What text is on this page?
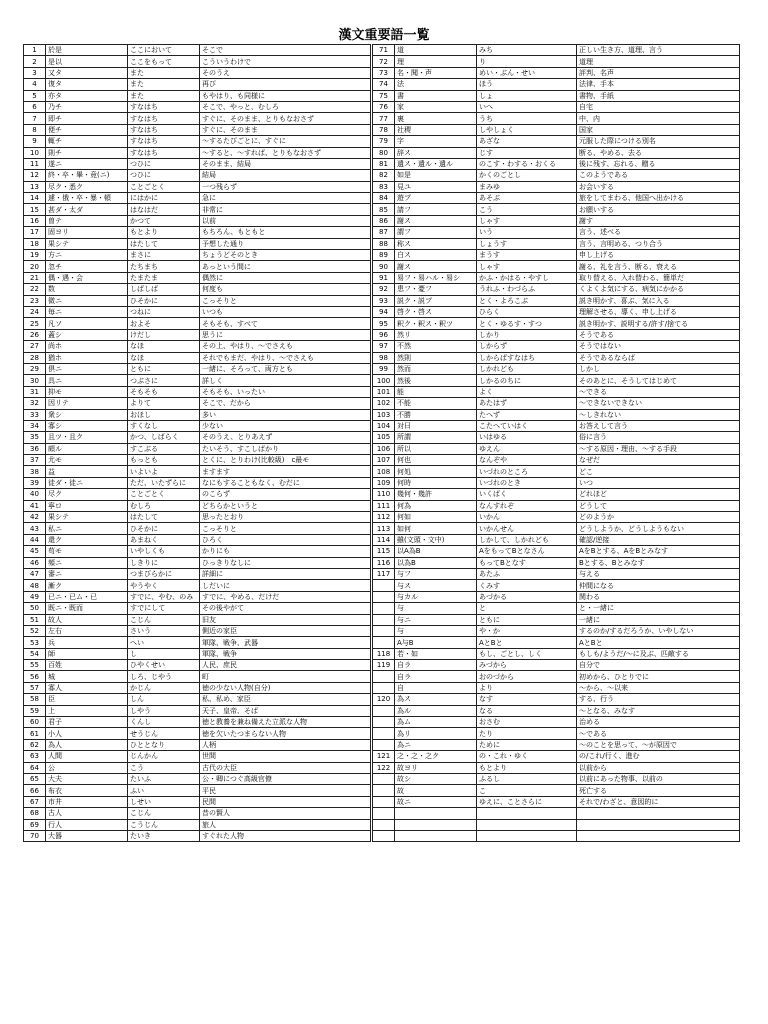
漢文重要語一覧
1	於是	ここにおいて	そこで
2	是以	ここをもって	こういうわけで
3	又タ	また	そのうえ
4	復タ	また	再び
5	亦タ	また	もやはり、も同様に
6	乃チ	すなはち	そこで、やっと、むしろ
7	即チ	すなはち	すぐに、そのまま、とりもなおさず
8	便チ	すなはち	すぐに、そのまま
9	輒チ	すなはち	～するたびごとに、すぐに
10	則チ	すなはち	～すると、～すれば、とりもなおさず
11	遂ニ	つひに	そのまま、結局
12	終・卒・畢・竟(ニ)	つひに	結局
13	尽ク・悉ク	ことごとく	一つ残らず
14	遽・俄・卒・暴・頓	にはかに	急に
15	甚ダ・太ダ	はなはだ	非常に
16	曽テ	かつて	以前
17	固ヨリ	もとより	もちろん、もともと
18	果シテ	はたして	予想した通り
19	方ニ	まさに	ちょうどそのとき
20	忽チ	たちまち	あっという間に
21	偶・遇・会	たまたま	偶然に
22	数	しばしば	何度も
23	微ニ	ひそかに	こっそりと
24	毎ニ	つねに	いつも
25	凡ソ	およそ	そもそも、すべて
26	蓋シ	けだし	思うに
27	尚ホ	なほ	その上、やはり、～でさえも
28	猶ホ	なほ	それでもまだ、やはり、～でさえも
29	倶ニ	ともに	一緒に、そろって、両方とも
30	具ニ	つぶさに	詳しく
31	抑モ	そもそも	そもそも、いったい
32	因リテ	よりて	そこで、だから
33	衆シ	おほし	多い
34	寡シ	すくなし	少ない
35	且ツ・且ク	かつ、しばらく	そのうえ、とりあえず
36	頗ル	すこぶる	たいそう、すこしばかり
37	尤モ	もっとも	とくに、とりわけ(比較級)　c最モ
38	益	いよいよ	ますます
39	徒ダ・徒ニ	ただ、いたずらに	なにもすることもなく、むだに
40	尽ク	ことごとく	のこらず
41	寧ロ	むしろ	どちらかというと
42	果シテ	はたして	思ったとおり
43	私ニ	ひそかに	こっそりと
44	還ク	あまねく	ひろく
45	苟モ	いやしくも	かりにも
46	頻ニ	しきりに	ひっきりなしに
47	審ニ	つまびらかに	詳細に
48	漸ク	やうやく	しだいに
49	已ニ・已ム・已	すでに、やむ、のみ	すでに、やめる、だけだ
50	既ニ・既而	すでにして	その後やがて
51	故人	こじん	旧友
52	左右	さいう	側近の家臣
53	兵	へい	軍隊、戦争、武器
54	師	し	軍隊、戦争
55	百姓	ひやくせい	人民、庶民
56	城	しろ、じやう	町
57	寡人	かじん	徳の少ない人物(自分)
58	臣	しん	私、私め、家臣
59	上	しやう	天子、皇帝、そば
60	君子	くんし	徳と教養を兼ね備えた立派な人物
61	小人	せうじん	徳を欠いたつまらない人物
62	為人	ひととなり	人柄
63	人間	じんかん	世間
64	公	こう	古代の大臣
65	大夫	たいふ	公・卿につぐ高級官僚
66	布衣	ふい	平民
67	市井	しせい	民間
68	古人	こじん	昔の賢人
69	行人	こうじん	旅人
70	大器	たいき	すぐれた人物
71	道	みち	正しい生き方、道理、言う
72	理	り	道理
73	名・聞・声	めい・ぶん・せい	評判、名声
74	法	ほう	法律、手本
75	書	しょ	書物、手紙
76	家	いへ	自宅
77	裏	うち	中、内
78	社稷	しやしょく	国家
79	字	あざな	元服した際につける別名
80	辞ス	じす	断る、やめる、去る
81	遺ス・遺ル・遺ル	のこす・わする・おくる	後に残す、忘れる、贈る
82	如是	かくのごとし	このようである
83	見ユ	まみゆ	お会いする
84	遊ブ	あそぶ	旅をしてまわる、他国へ出かける
85	請フ	こう	お願いする
86	謝ス	しゃす	謝す
87	謂フ	いう	言う、述べる
88	称ス	しょうす	言う、言明める、つり合う
89	白ス	まうす	申し上げる
90	謝ス	しゃす	謝る、礼を言う、断る、衰える
91	易フ・易ハル・易シ	かふ・かはる・やすし	取り替える、入れ替わる、簡単だ
92	患フ・憂フ	うれふ・わづらふ	くよくよ気にする、病気にかかる
93	説ク・説ブ	とく・よろこぶ	説き明かす、喜ぶ、気に入る
94	啓ク・啓ス	ひらく	理解させる、導く、申し上げる
95	釈ク・釈ス・釈ツ	とく・ゆるす・すつ	説き明かす、説明する/許す/捨てる
96	然リ	しかり	そうである
97	不然	しからず	そうではない
98	然則	しからばすなはち	そうであるならば
99	然而	しかれども	しかし
100	然後	しかるのちに	そのあとに、そうしてはじめて
101	能	よく	～できる
102	不能	あたはず	～できないできない
103	不勝	たへず	～しきれない
104	対曰	こたへていはく	お答えして言う
105	所謂	いはゆる	俗に言う
106	所以	ゆえん	～する原因・理由、～する手段
107	何也	なんぞや	なぜだ
108	何処	いづれのところ	どこ
109	何時	いづれのとき	いつ
110	幾何・幾許	いくばく	どれほど
111	何為	なんすれぞ	どうして
112	何如	いかん	どのようか
113	如何	いかんせん	どうしようか、どうしようもない
114	雖(文頭・文中)	しかして、しかれども	確認/逆接
115	以A為B	AをもってBとなさん	AをBとする、AをBとみなす
116	以為B	もってBとなす	Bとする、Bとみなす
117	与フ	あたふ	与える
	与ス	くみす	仲間になる
	与カル	あづかる	関わる
	与	と	と・一緒に
	与ニ	ともに	一緒に
	与	や・か	するのか/するだろうか、いやしない
	A与B	AとBと	AとBと
118	若・如	もし、ごとし、しく	もしも/ようだ/～に及ぶ、匹敵する
119	自ラ	みづから	自分で
	自ラ	おのづから	初めから、ひとりでに
	自	より	～から、～以来
120	為ス	なす	する、行う
	為ル	なる	～となる、みなす
	為ム	おさむ	治める
	為リ	たり	～である
	為ニ	ために	～のことを思って、～が原因で
121	之・之・之ク	の・これ・ゆく	の/これ/行く、進む
122	故ヨリ	もとより	以前から
	故シ	ふるし	以前にあった物事、以前の
	故	こ	死亡する
	故ニ	ゆえに、ことさらに	それで/わざと、意図的に
